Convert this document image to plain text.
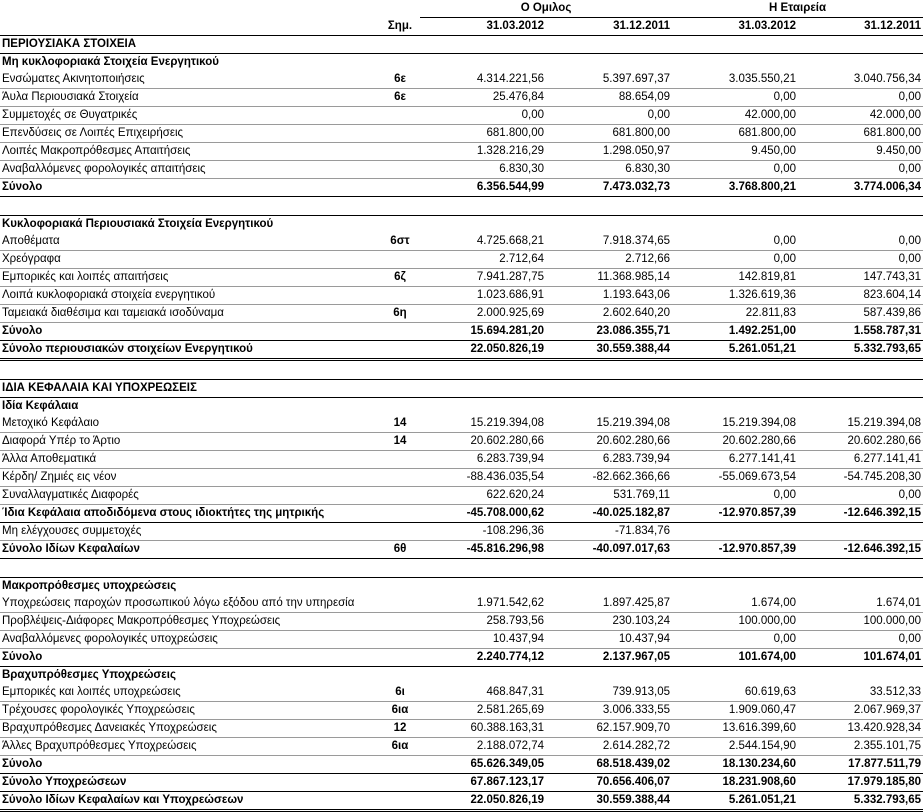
		Ο Ομιλος		Η Εταιρεία	
	Σημ.	31.03.2012	31.12.2011	31.03.2012	31.12.2011
ΠΕΡΙΟΥΣΙΑΚΑ ΣΤΟΙΧΕΙΑ					
Μη κυκλοφοριακά Στοιχεία Ενεργητικού					
Ενσώματες Ακινητοποιήσεις	6ε	4.314.221,56	5.397.697,37	3.035.550,21	3.040.756,34
Άυλα Περιουσιακά Στοιχεία	6ε	25.476,84	88.654,09	0,00	0,00
Συμμετοχές σε Θυγατρικές		0,00	0,00	42.000,00	42.000,00
Επενδύσεις σε Λοιπές Επιχειρήσεις		681.800,00	681.800,00	681.800,00	681.800,00
Λοιπές Μακροπρόθεσμες Απαιτήσεις		1.328.216,29	1.298.050,97	9.450,00	9.450,00
Αναβαλλόμενες φορολογικές απαιτήσεις		6.830,30	6.830,30	0,00	0,00
Σύνολο		6.356.544,99	7.473.032,73	3.768.800,21	3.774.006,34

Κυκλοφοριακά Περιουσιακά Στοιχεία Ενεργητικού					
Αποθέματα	6στ	4.725.668,21	7.918.374,65	0,00	0,00
Χρεόγραφα		2.712,64	2.712,66	0,00	0,00
Εμπορικές και λοιπές απαιτήσεις	6ζ	7.941.287,75	11.368.985,14	142.819,81	147.743,31
Λοιπά κυκλοφοριακά στοιχεία ενεργητικού		1.023.686,91	1.193.643,06	1.326.619,36	823.604,14
Ταμειακά διαθέσιμα και ταμειακά ισοδύναμα	6η	2.000.925,69	2.602.640,20	22.811,83	587.439,86
Σύνολο		15.694.281,20	23.086.355,71	1.492.251,00	1.558.787,31
Σύνολο περιουσιακών στοιχείων Ενεργητικού		22.050.826,19	30.559.388,44	5.261.051,21	5.332.793,65

ΙΔΙΑ ΚΕΦΑΛΑΙΑ ΚΑΙ ΥΠΟΧΡΕΩΣΕΙΣ					
Ιδία Κεφάλαια					
Μετοχικό Κεφάλαιο	14	15.219.394,08	15.219.394,08	15.219.394,08	15.219.394,08
Διαφορά Υπέρ το Άρτιο	14	20.602.280,66	20.602.280,66	20.602.280,66	20.602.280,66
Άλλα Αποθεματικά		6.283.739,94	6.283.739,94	6.277.141,41	6.277.141,41
Κέρδη/ Ζημιές εις νέον		-88.436.035,54	-82.662.366,66	-55.069.673,54	-54.745.208,30
Συναλλαγματικές Διαφορές		622.620,24	531.769,11	0,00	0,00
Ίδια Κεφάλαια αποδιδόμενα στους ιδιοκτήτες της μητρικής		-45.708.000,62	-40.025.182,87	-12.970.857,39	-12.646.392,15
Μη ελέγχουσες συμμετοχές		-108.296,36	-71.834,76		
Σύνολο Ιδίων Κεφαλαίων	6θ	-45.816.296,98	-40.097.017,63	-12.970.857,39	-12.646.392,15

Μακροπρόθεσμες υποχρεώσεις					
Υποχρεώσεις παροχών προσωπικού λόγω εξόδου από την υπηρεσία		1.971.542,62	1.897.425,87	1.674,00	1.674,01
Προβλέψεις-Διάφορες Μακροπρόθεσμες Υποχρεώσεις		258.793,56	230.103,24	100.000,00	100.000,00
Αναβαλλόμενες φορολογικές υποχρεώσεις		10.437,94	10.437,94	0,00	0,00
Σύνολο		2.240.774,12	2.137.967,05	101.674,00	101.674,01
Βραχυπρόθεσμες Υποχρεώσεις					
Εμπορικές και λοιπές υποχρεώσεις	6ι	468.847,31	739.913,05	60.619,63	33.512,33
Τρέχουσες φορολογικές Υποχρεώσεις	6ια	2.581.265,69	3.006.333,55	1.909.060,47	2.067.969,37
Βραχυπρόθεσμες Δανειακές Υποχρεώσεις	12	60.388.163,31	62.157.909,70	13.616.399,60	13.420.928,34
Άλλες Βραχυπρόθεσμες Υποχρεώσεις	6ια	2.188.072,74	2.614.282,72	2.544.154,90	2.355.101,75
Σύνολο		65.626.349,05	68.518.439,02	18.130.234,60	17.877.511,79
Σύνολο Υποχρεώσεων		67.867.123,17	70.656.406,07	18.231.908,60	17.979.185,80
Σύνολο Ιδίων Κεφαλαίων και Υποχρεώσεων		22.050.826,19	30.559.388,44	5.261.051,21	5.332.793,65
